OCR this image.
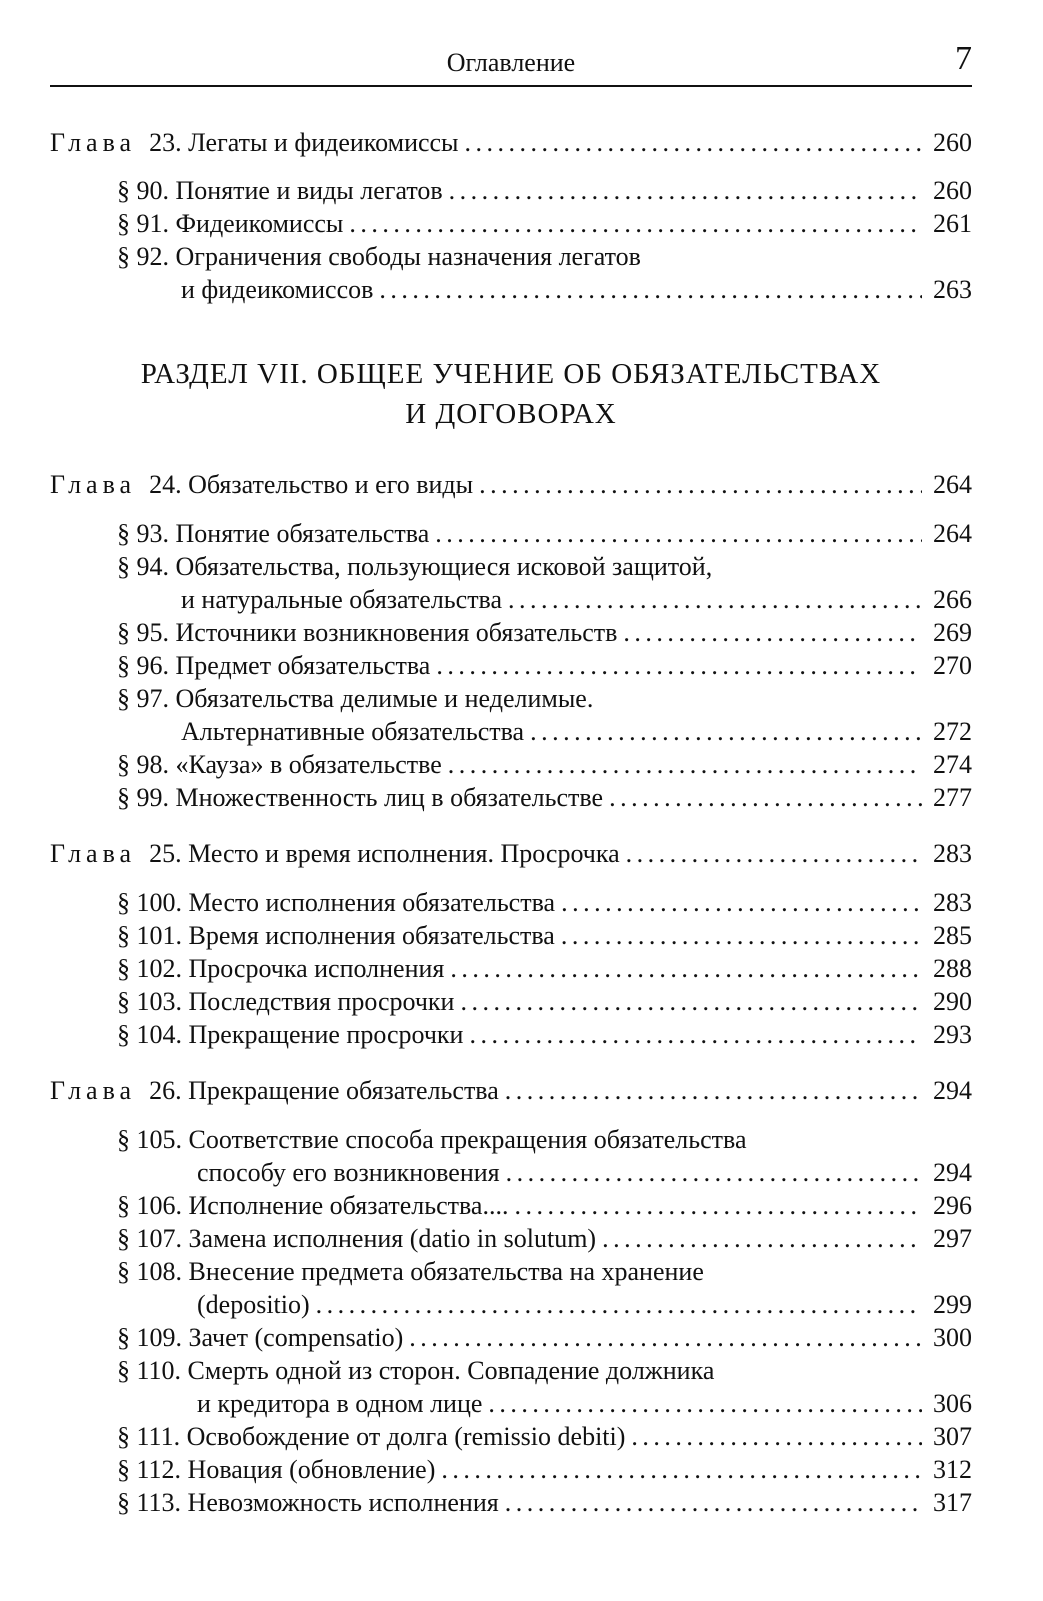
Оглавление	7
Глава 23. Легаты и фидеикомиссы . . .	260
§ 90.
Понятие и виды легатов . . .	260
§ 91.
Фидеикомиссы . . .	261
§ 92.
Ограничения свободы назначения легатов
и фидеикомиссов . . .	263
РАЗДЕЛ VII. ОБЩЕЕ УЧЕНИЕ ОБ ОБЯЗАТЕЛЬСТВАХ
И ДОГОВОРАХ
Глава 24. Обязательство и его виды . . .	264
§ 93.
Понятие обязательства . . .	264
§ 94.
Обязательства, пользующиеся исковой защитой,
и натуральные обязательства . . .	266
§ 95.
Источники возникновения обязательств . . .	269
§ 96.
Предмет обязательства . . .	270
§ 97.
Обязательства делимые и неделимые.
Альтернативные обязательства . . .	272
§ 98.
«Кауза» в обязательстве . . .	274
§ 99.
Множественность лиц в обязательстве . . .	277
Глава 25. Место и время исполнения. Просрочка . . .	283
§ 100.
Место исполнения обязательства . . .	283
§ 101.
Время исполнения обязательства . . .	285
§ 102.
Просрочка исполнения . . .	288
§ 103.
Последствия просрочки . . .	290
§ 104.
Прекращение просрочки . . .	293
Глава 26. Прекращение обязательства . . .	294
§ 105.
Соответствие способа прекращения обязательства
способу его возникновения . . .	294
§ 106.
Исполнение обязательства.... . . .	296
§ 107.
Замена исполнения (datio in solutum) . . .	297
§ 108.
Внесение предмета обязательства на хранение
(depositio) . . .	299
§ 109.
Зачет (compensatio) . . .	300
§ 110.
Смерть одной из сторон. Совпадение должника
и кредитора в одном лице . . .	306
§ 111.
Освобождение от долга (remissio debiti) . . .	307
§ 112.
Новация (обновление) . . .	312
§ 113.
Невозможность исполнения . . .	317
